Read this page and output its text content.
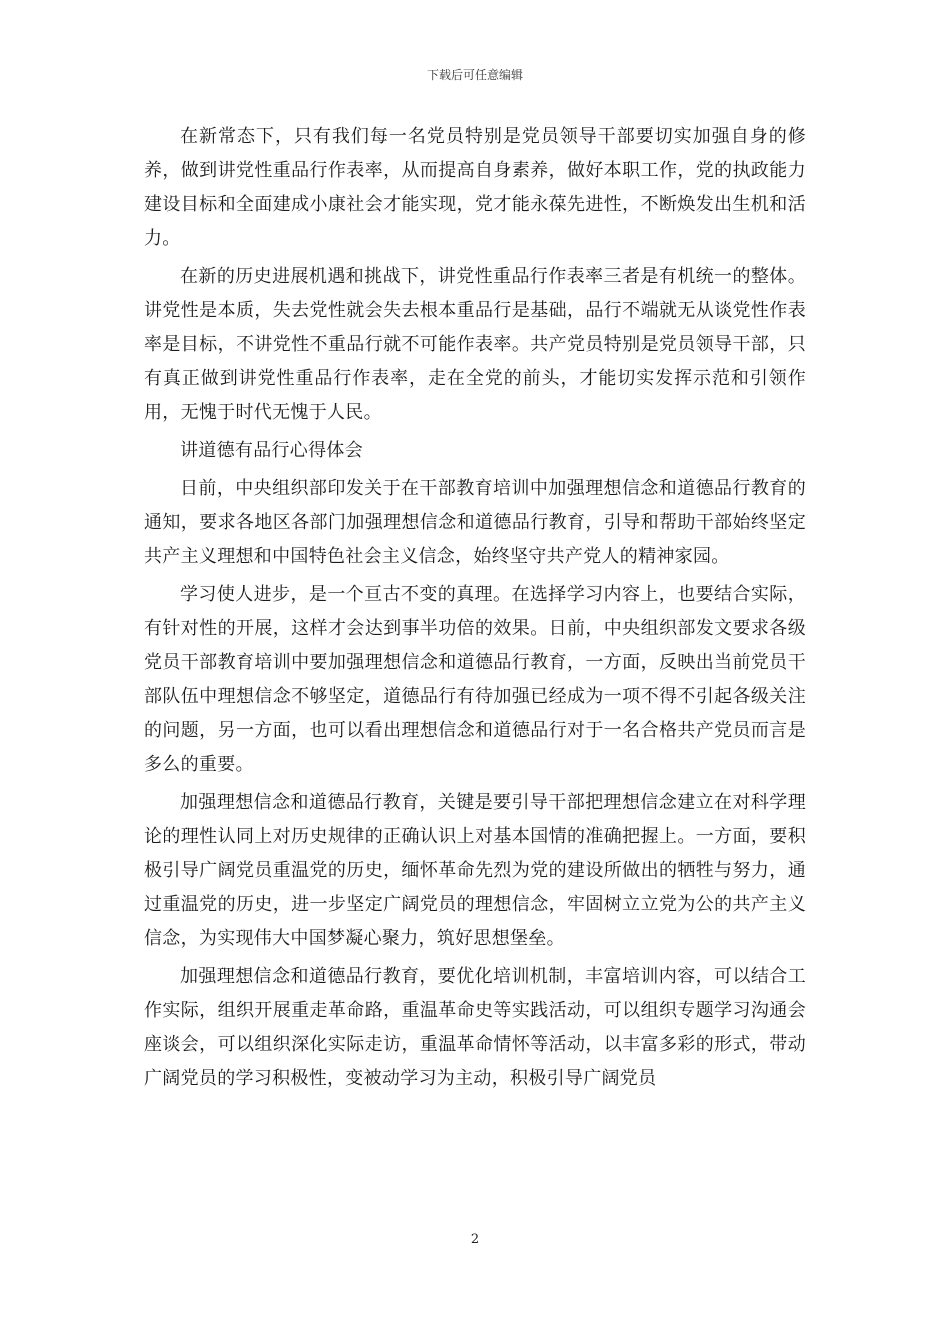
下载后可任意编辑

在新常态下，只有我们每一名党员特别是党员领导干部要切实加强自身的修养，做到讲党性重品行作表率，从而提高自身素养，做好本职工作，党的执政能力建设目标和全面建成小康社会才能实现，党才能永葆先进性，不断焕发出生机和活力。

在新的历史进展机遇和挑战下，讲党性重品行作表率三者是有机统一的整体。讲党性是本质，失去党性就会失去根本重品行是基础，品行不端就无从谈党性作表率是目标，不讲党性不重品行就不可能作表率。共产党员特别是党员领导干部，只有真正做到讲党性重品行作表率，走在全党的前头，才能切实发挥示范和引领作用，无愧于时代无愧于人民。

讲道德有品行心得体会

日前，中央组织部印发关于在干部教育培训中加强理想信念和道德品行教育的通知，要求各地区各部门加强理想信念和道德品行教育，引导和帮助干部始终坚定共产主义理想和中国特色社会主义信念，始终坚守共产党人的精神家园。

学习使人进步，是一个亘古不变的真理。在选择学习内容上，也要结合实际，有针对性的开展，这样才会达到事半功倍的效果。日前，中央组织部发文要求各级党员干部教育培训中要加强理想信念和道德品行教育，一方面，反映出当前党员干部队伍中理想信念不够坚定，道德品行有待加强已经成为一项不得不引起各级关注的问题，另一方面，也可以看出理想信念和道德品行对于一名合格共产党员而言是多么的重要。

加强理想信念和道德品行教育，关键是要引导干部把理想信念建立在对科学理论的理性认同上对历史规律的正确认识上对基本国情的准确把握上。一方面，要积极引导广阔党员重温党的历史，缅怀革命先烈为党的建设所做出的牺牲与努力，通过重温党的历史，进一步坚定广阔党员的理想信念，牢固树立立党为公的共产主义信念，为实现伟大中国梦凝心聚力，筑好思想堡垒。

加强理想信念和道德品行教育，要优化培训机制，丰富培训内容，可以结合工作实际，组织开展重走革命路，重温革命史等实践活动，可以组织专题学习沟通会座谈会，可以组织深化实际走访，重温革命情怀等活动，以丰富多彩的形式，带动广阔党员的学习积极性，变被动学习为主动，积极引导广阔党员

2
